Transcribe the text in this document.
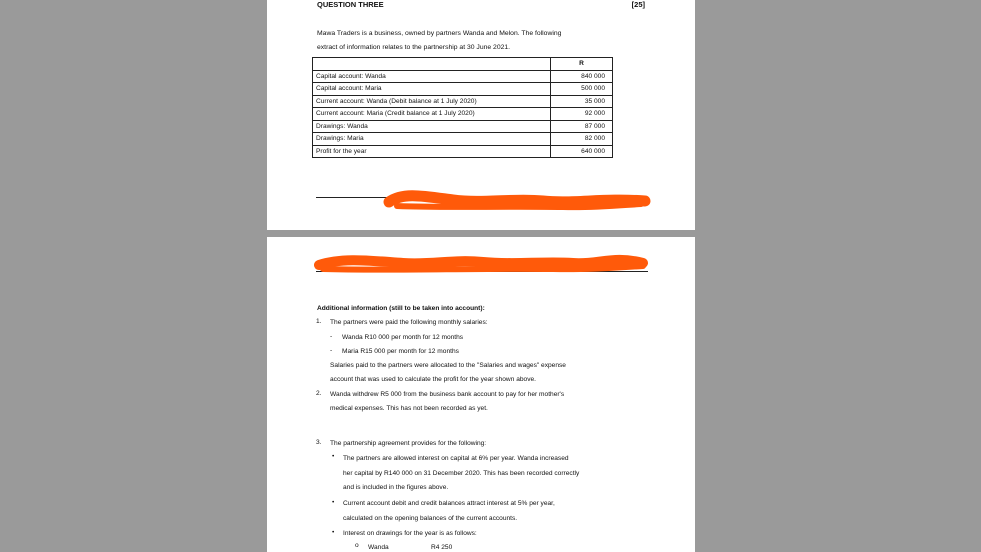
QUESTION THREE	[25]
Mawa Traders is a business, owned by partners Wanda and Melon. The following
extract of information relates to the partnership at 30 June 2021.
	R
Capital account: Wanda	840 000
Capital account: Maria	500 000
Current account: Wanda (Debit balance at 1 July 2020)	35 000
Current account: Maria (Credit balance at 1 July 2020)	92 000
Drawings: Wanda	87 000
Drawings: Maria	82 000
Profit for the year	640 000
Additional information (still to be taken into account):
1. The partners were paid the following monthly salaries:
- Wanda R10 000 per month for 12 months
- Maria R15 000 per month for 12 months
Salaries paid to the partners were allocated to the "Salaries and wages" expense
account that was used to calculate the profit for the year shown above.
2. Wanda withdrew R5 000 from the business bank account to pay for her mother's
medical expenses. This has not been recorded as yet.
3. The partnership agreement provides for the following:
• The partners are allowed interest on capital at 6% per year. Wanda increased
her capital by R140 000 on 31 December 2020. This has been recorded correctly
and is included in the figures above.
• Current account debit and credit balances attract interest at 5% per year,
calculated on the opening balances of the current accounts.
• Interest on drawings for the year is as follows:
o Wanda	R4 250
